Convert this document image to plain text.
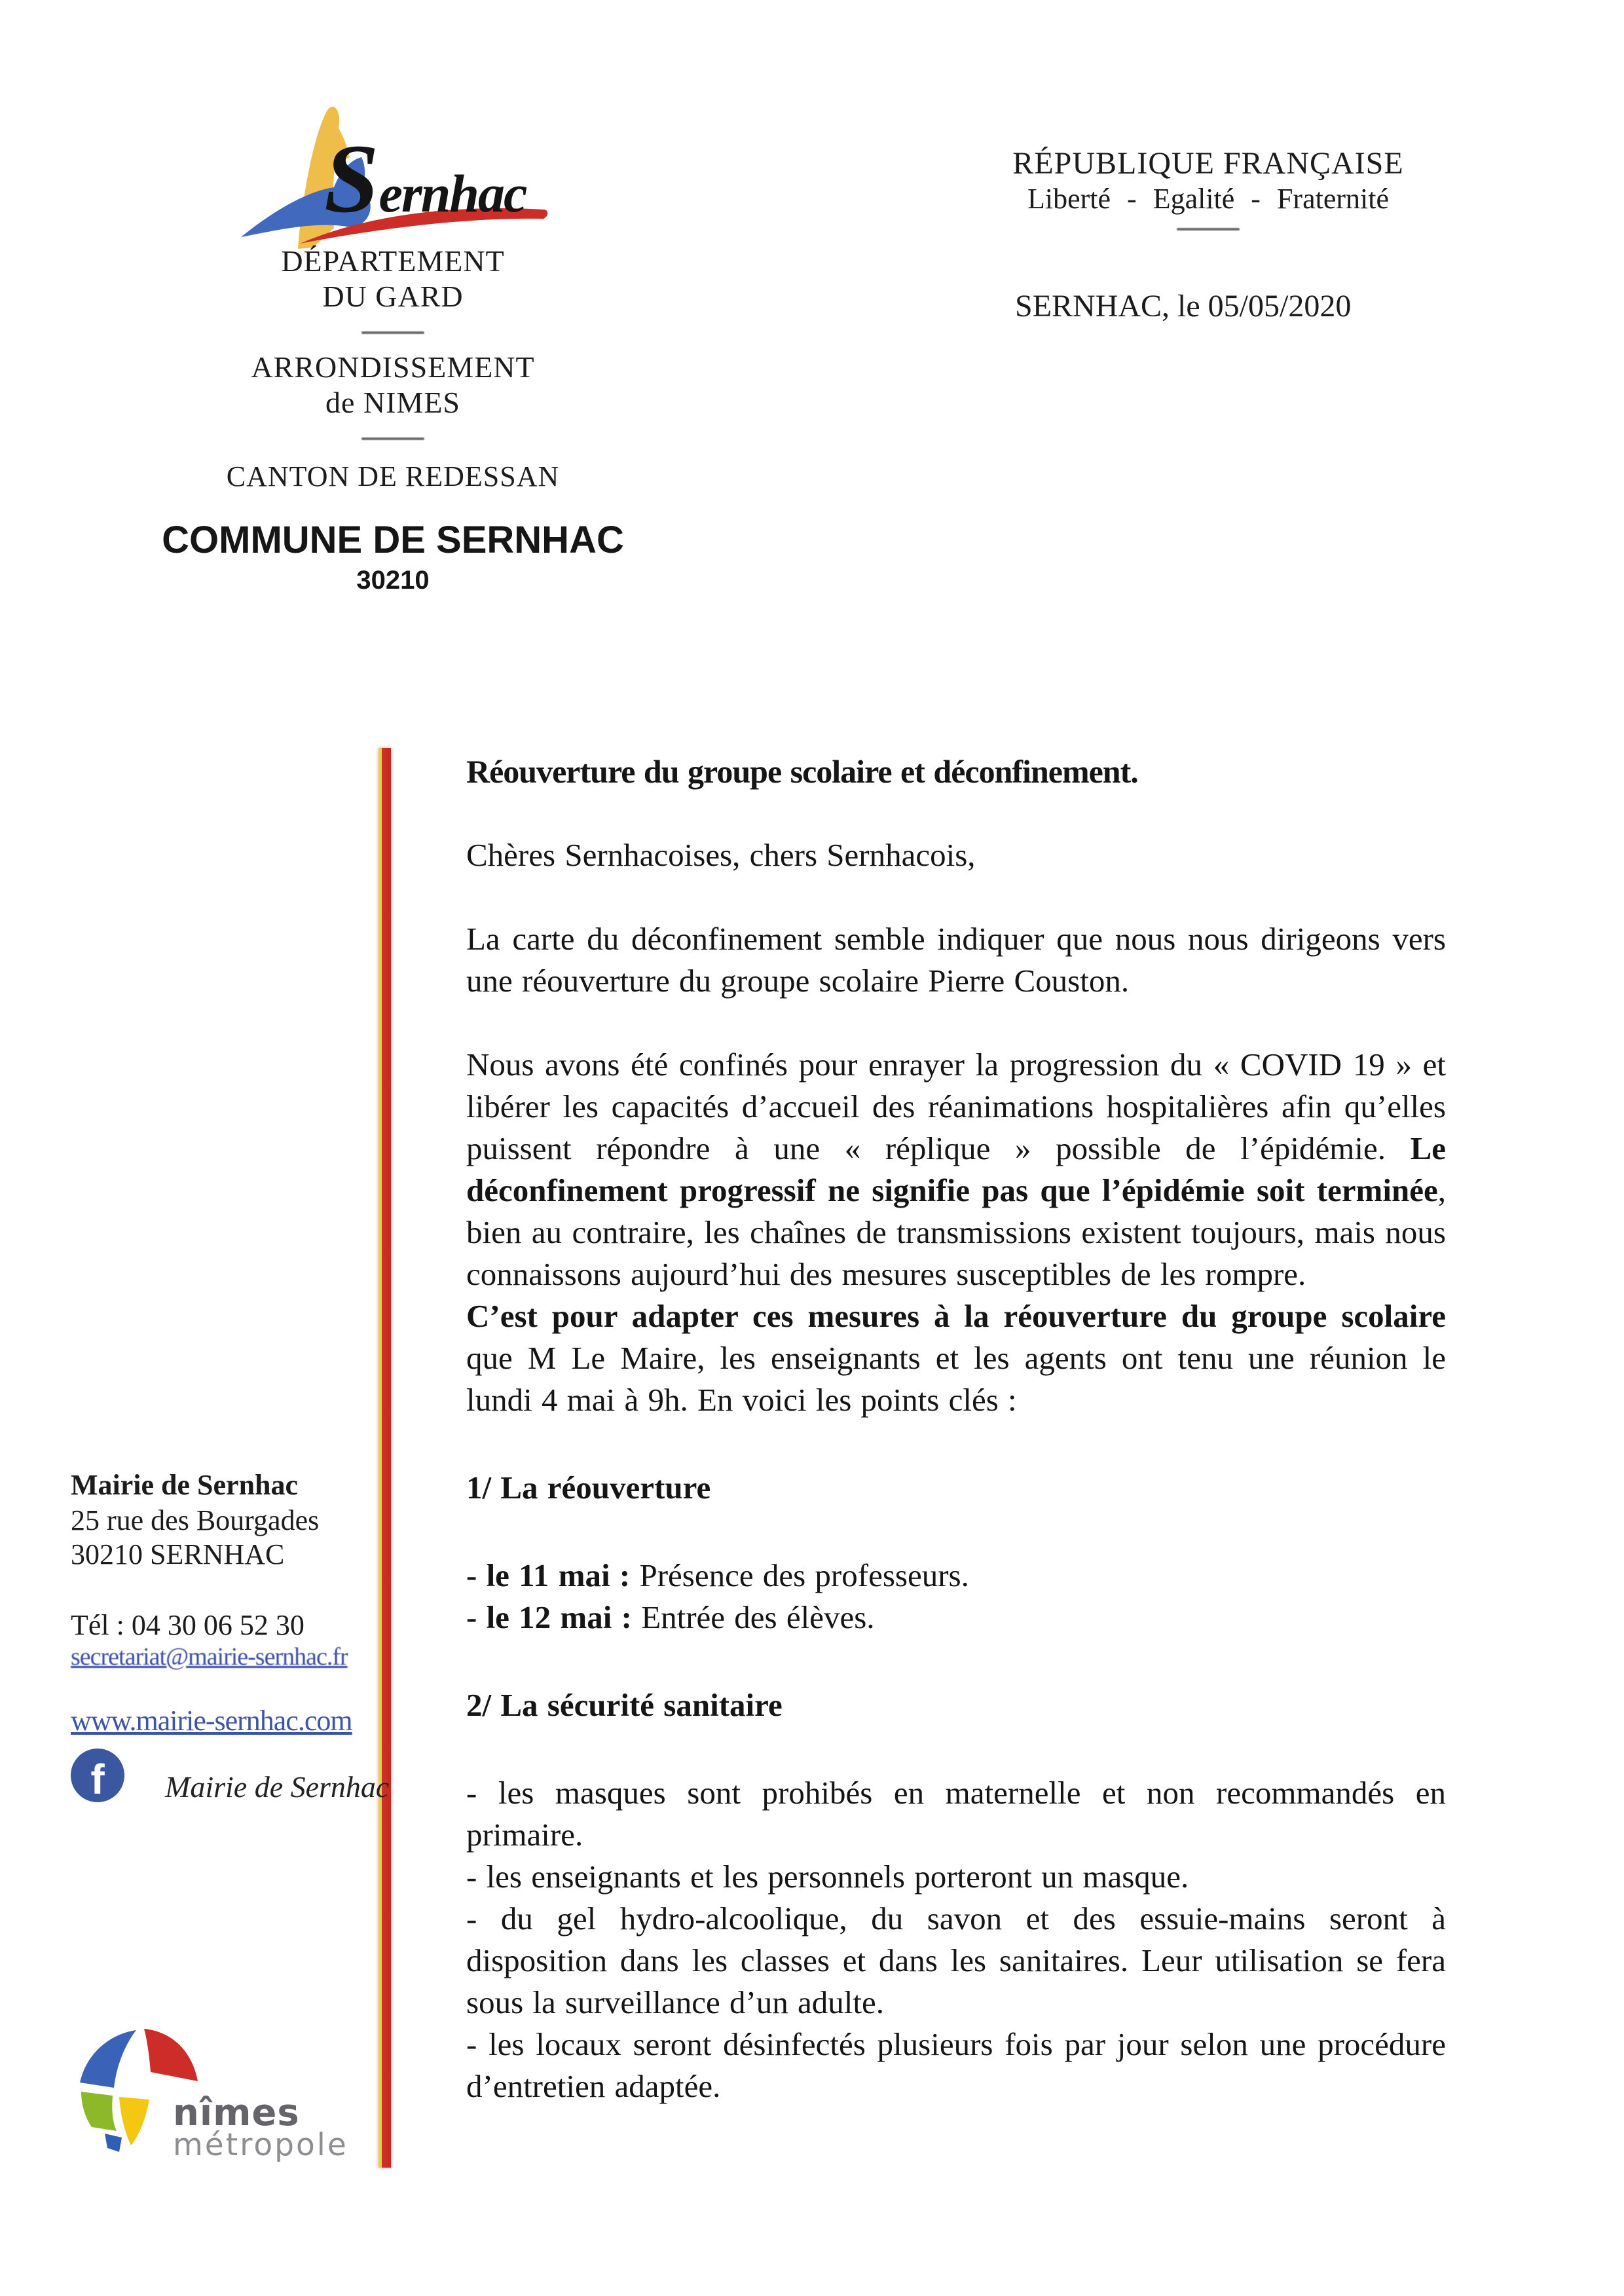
Sernhac
DÉPARTEMENT
DU GARD
ARRONDISSEMENT
de NIMES
CANTON DE REDESSAN
COMMUNE DE SERNHAC
30210
RÉPUBLIQUE FRANÇAISE
Liberté - Egalité - Fraternité
SERNHAC, le 05/05/2020
Mairie de Sernhac
25 rue des Bourgades
30210 SERNHAC
Tél : 04 30 06 52 30
secretariat@mairie-sernhac.fr
www.mairie-sernhac.com
f Mairie de Sernhac
nîmes
métropole

Réouverture du groupe scolaire et déconfinement.

Chères Sernhacoises, chers Sernhacois,

La carte du déconfinement semble indiquer que nous nous dirigeons vers une réouverture du groupe scolaire Pierre Couston.

Nous avons été confinés pour enrayer la progression du « COVID 19 » et libérer les capacités d’accueil des réanimations hospitalières afin qu’elles puissent répondre à une « réplique » possible de l’épidémie. Le déconfinement progressif ne signifie pas que l’épidémie soit terminée, bien au contraire, les chaînes de transmissions existent toujours, mais nous connaissons aujourd’hui des mesures susceptibles de les rompre.

C’est pour adapter ces mesures à la réouverture du groupe scolaire que M Le Maire, les enseignants et les agents ont tenu une réunion le lundi 4 mai à 9h. En voici les points clés :

1/ La réouverture

- le 11 mai : Présence des professeurs.

- le 12 mai : Entrée des élèves.

2/ La sécurité sanitaire

- les masques sont prohibés en maternelle et non recommandés en primaire.

- les enseignants et les personnels porteront un masque.

- du gel hydro-alcoolique, du savon et des essuie-mains seront à disposition dans les classes et dans les sanitaires. Leur utilisation se fera sous la surveillance d’un adulte.

- les locaux seront désinfectés plusieurs fois par jour selon une procédure d’entretien adaptée.
